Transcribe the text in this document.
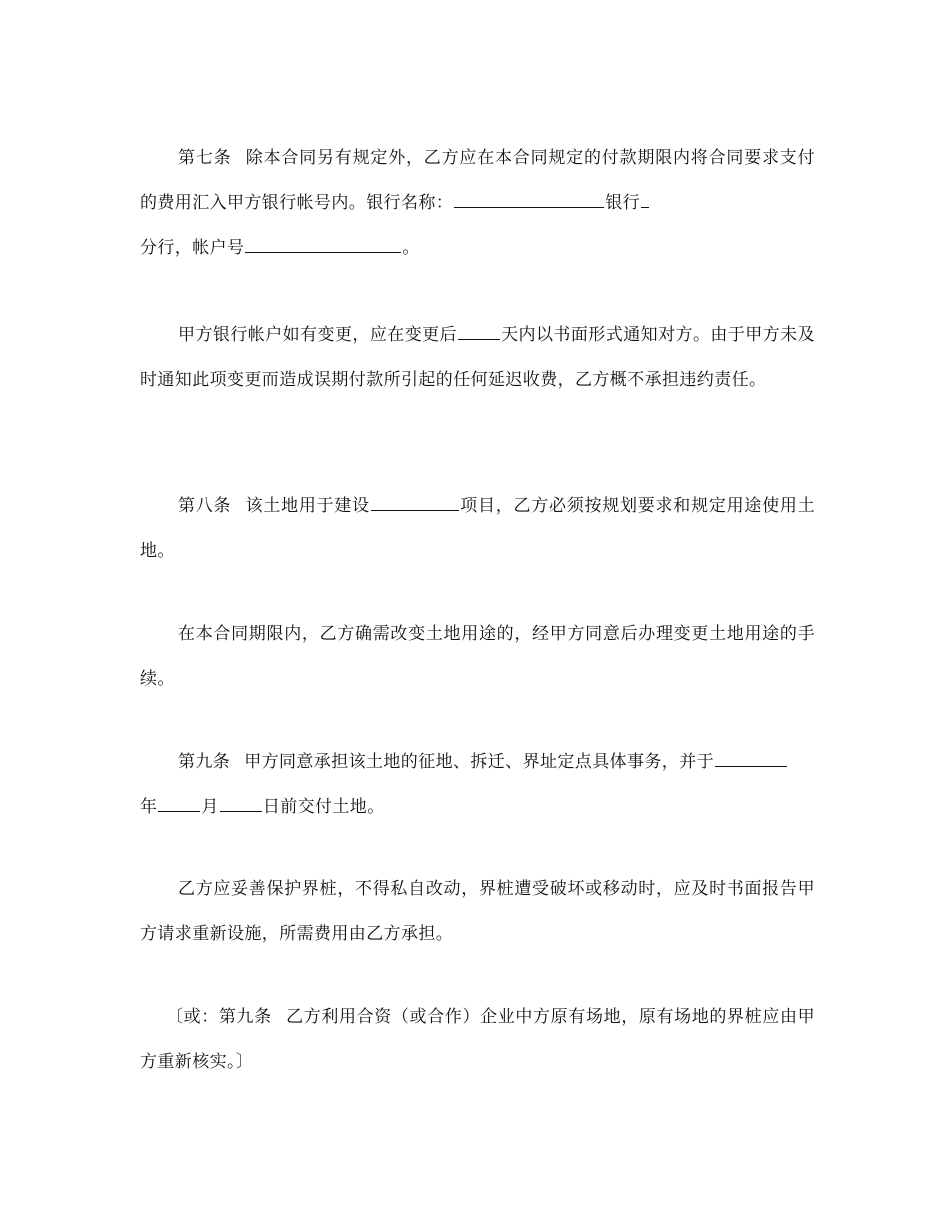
第七条 除本合同另有规定外，乙方应在本合同规定的付款期限内将合同要求支付的费用汇入甲方银行帐号内。银行名称：	银行
分行，帐户号	。

甲方银行帐户如有变更，应在变更后	天内以书面形式通知对方。由于甲方未及时通知此项变更而造成误期付款所引起的任何延迟收费，乙方概不承担违约责任。

第八条 该土地用于建设	项目，乙方必须按规划要求和规定用途使用土地。

在本合同期限内，乙方确需改变土地用途的，经甲方同意后办理变更土地用途的手续。

第九条 甲方同意承担该土地的征地、拆迁、界址定点具体事务，并于
年	月	日前交付土地。

乙方应妥善保护界桩，不得私自改动，界桩遭受破坏或移动时，应及时书面报告甲方请求重新设施，所需费用由乙方承担。

〔或：第九条 乙方利用合资（或合作）企业中方原有场地，原有场地的界桩应由甲方重新核实。〕
